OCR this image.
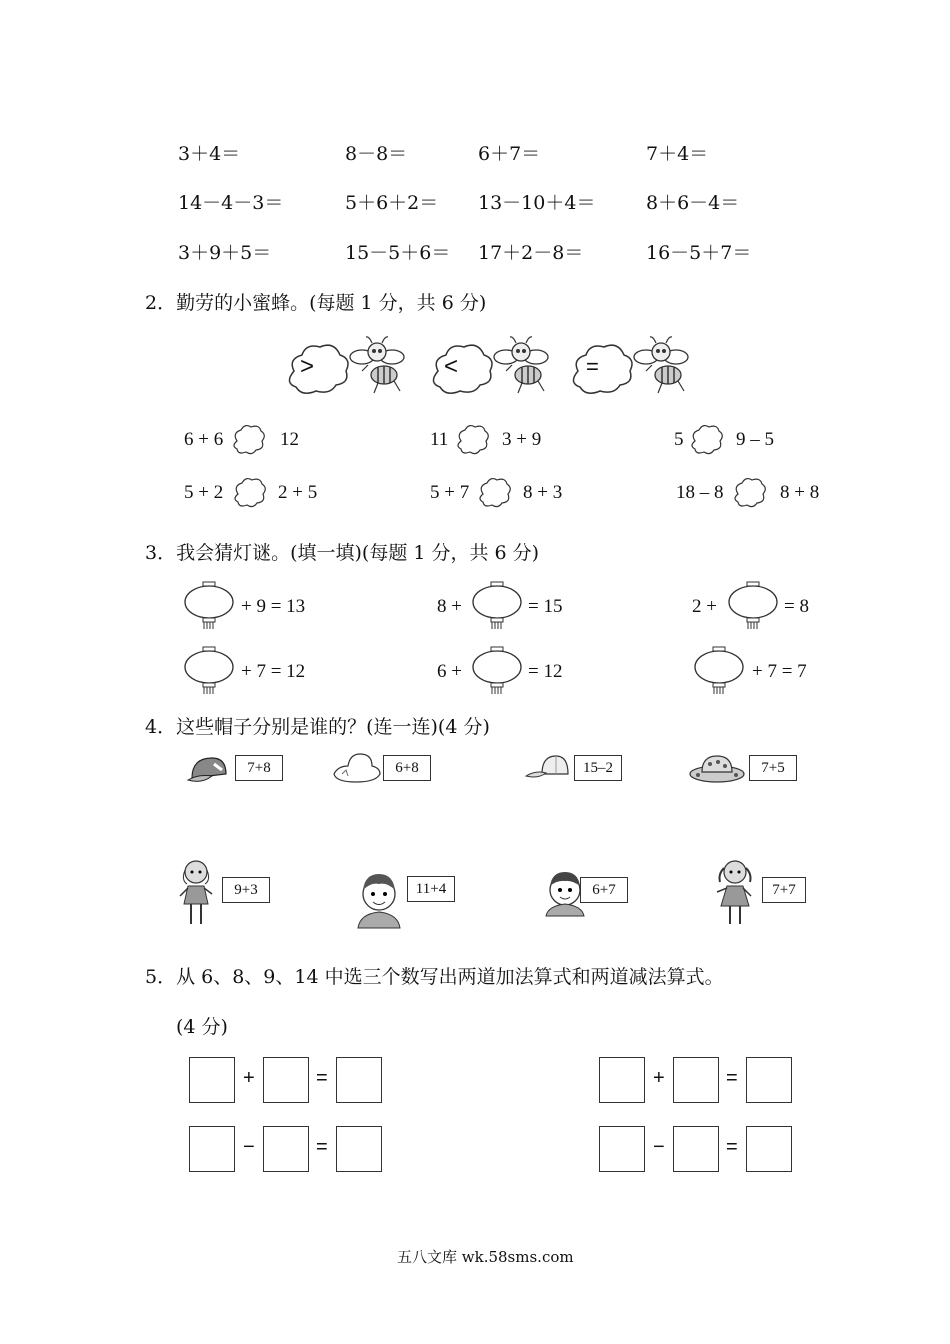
3＋4＝	8－8＝	6＋7＝	7＋4＝
14－4－3＝	5＋6＋2＝ 13－10＋4＝	8＋6－4＝
3＋9＋5＝	15－5＋6＝ 17＋2－8＝	16－5＋7＝
2．勤劳的小蜜蜂。(每题 1 分，共 6 分)
>	<	=
6 + 6	12	11	3 + 9	5	9 – 5
5 + 2	2 + 5	5 + 7	8 + 3	18 – 8	8 + 8
3．我会猜灯谜。(填一填)(每题 1 分，共 6 分)
+ 9 = 13	8 +	= 15	2 +	= 8
+ 7 = 12	6 +	= 12	+ 7 = 7
4．这些帽子分别是谁的？(连一连)(4 分)
7+8	6+8	15–2	7+5
9+3	11+4	6+7	7+7
5．从 6、8、9、14 中选三个数写出两道加法算式和两道减法算式。
(4 分)
+	=
−	=
+	=
−	=
五八文库 wk.58sms.com
